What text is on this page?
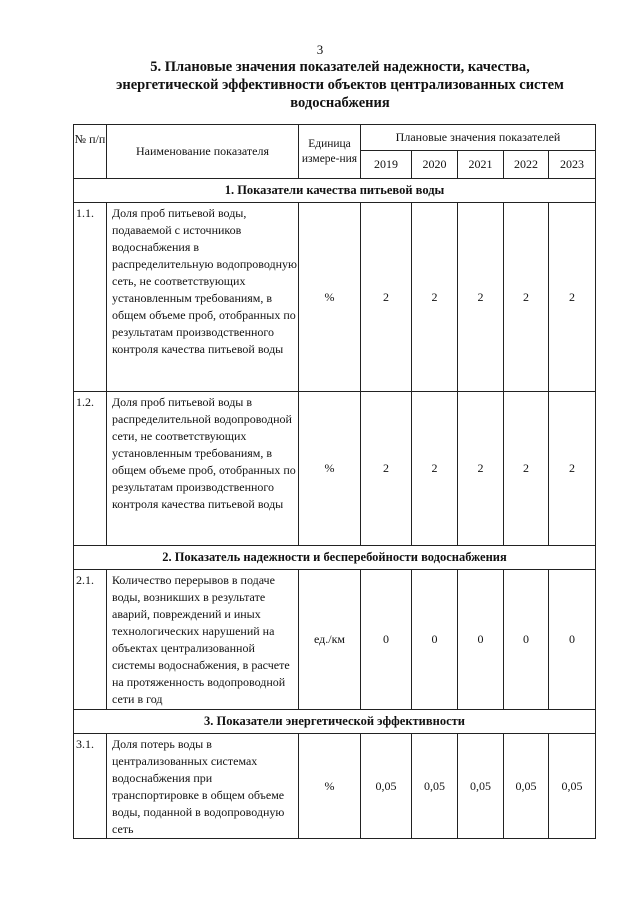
3
5. Плановые значения показателей надежности, качества, энергетической эффективности объектов централизованных систем водоснабжения
№ п/п	Наименование показателя	Единица измере-ния	Плановые значения показателей				
			2019	2020	2021	2022	2023
1. Показатели качества питьевой воды							
1.1.	Доля проб питьевой воды, подаваемой с источников водоснабжения в распределительную водопроводную сеть, не соответствующих установленным требованиям, в общем объеме проб, отобранных по результатам производственного контроля качества питьевой воды	%	2	2	2	2	2
1.2.	Доля проб питьевой воды в распределительной водопроводной сети, не соответствующих установленным требованиям, в общем объеме проб, отобранных по результатам производственного контроля качества питьевой воды	%	2	2	2	2	2
2. Показатель надежности и бесперебойности водоснабжения							
2.1.	Количество перерывов в подаче воды, возникших в результате аварий, повреждений и иных технологических нарушений на объектах централизованной системы водоснабжения, в расчете на протяженность водопроводной сети в год	ед./км	0	0	0	0	0
3. Показатели энергетической эффективности							
3.1.	Доля потерь воды в централизованных системах водоснабжения при транспортировке в общем объеме воды, поданной в водопроводную сеть	%	0,05	0,05	0,05	0,05	0,05
